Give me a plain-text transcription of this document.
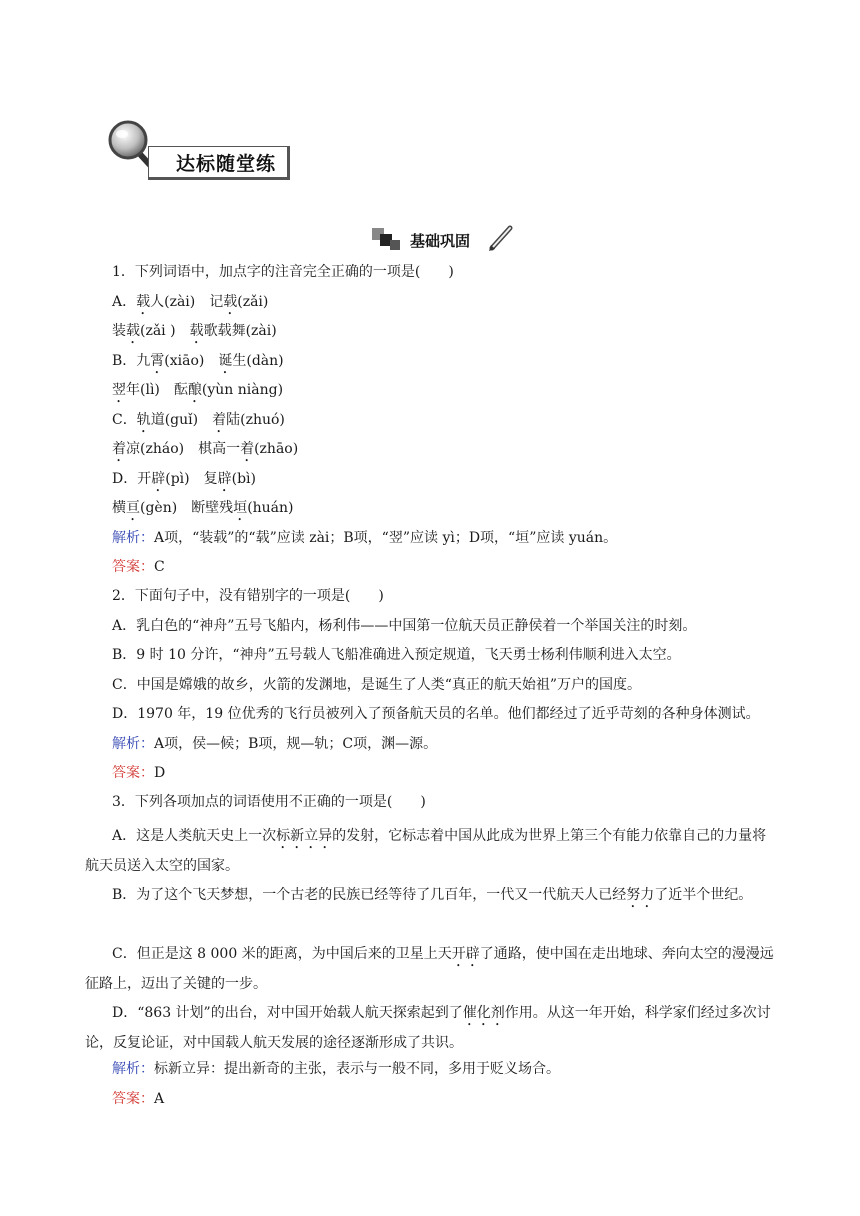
达标随堂练
基础巩固
1．下列词语中，加点字的注音完全正确的一项是(　　)
A．载人(zài)　记载(zǎi)
装载(zǎi )　载歌载舞(zài)
B．九霄(xiāo)　诞生(dàn)
翌年(lì)　酝酿(yùn niàng)
C．轨道(guǐ)　着陆(zhuó)
着凉(zháo)　棋高一着(zhāo)
D．开辟(pì)　复辟(bì)
横亘(gèn)　断壁残垣(huán)
解析：A项，“装载”的“载”应读 zài；B项，“翌”应读 yì；D项，“垣”应读 yuán。
答案：C
2．下面句子中，没有错别字的一项是(　　)
A．乳白色的“神舟”五号飞船内，杨利伟——中国第一位航天员正静侯着一个举国关注的时刻。
B．9 时 10 分许，“神舟”五号载人飞船准确进入预定规道，飞天勇士杨利伟顺利进入太空。
C．中国是嫦娥的故乡，火箭的发渊地，是诞生了人类“真正的航天始祖”万户的国度。
D．1970 年，19 位优秀的飞行员被列入了预备航天员的名单。他们都经过了近乎苛刻的各种身体测试。
解析：A项，侯—候；B项，规—轨；C项，渊—源。
答案：D
3．下列各项加点的词语使用不正确的一项是(　　)
A．这是人类航天史上一次标新立异的发射，它标志着中国从此成为世界上第三个有能力依靠自己的力量将航天员送入太空的国家。
B．为了这个飞天梦想，一个古老的民族已经等待了几百年，一代又一代航天人已经努力了近半个世纪。
C．但正是这 8 000 米的距离，为中国后来的卫星上天开辟了通路，使中国在走出地球、奔向太空的漫漫远征路上，迈出了关键的一步。
D．“863 计划”的出台，对中国开始载人航天探索起到了催化剂作用。从这一年开始，科学家们经过多次讨论，反复论证，对中国载人航天发展的途径逐渐形成了共识。
解析：标新立异：提出新奇的主张，表示与一般不同，多用于贬义场合。
答案：A
